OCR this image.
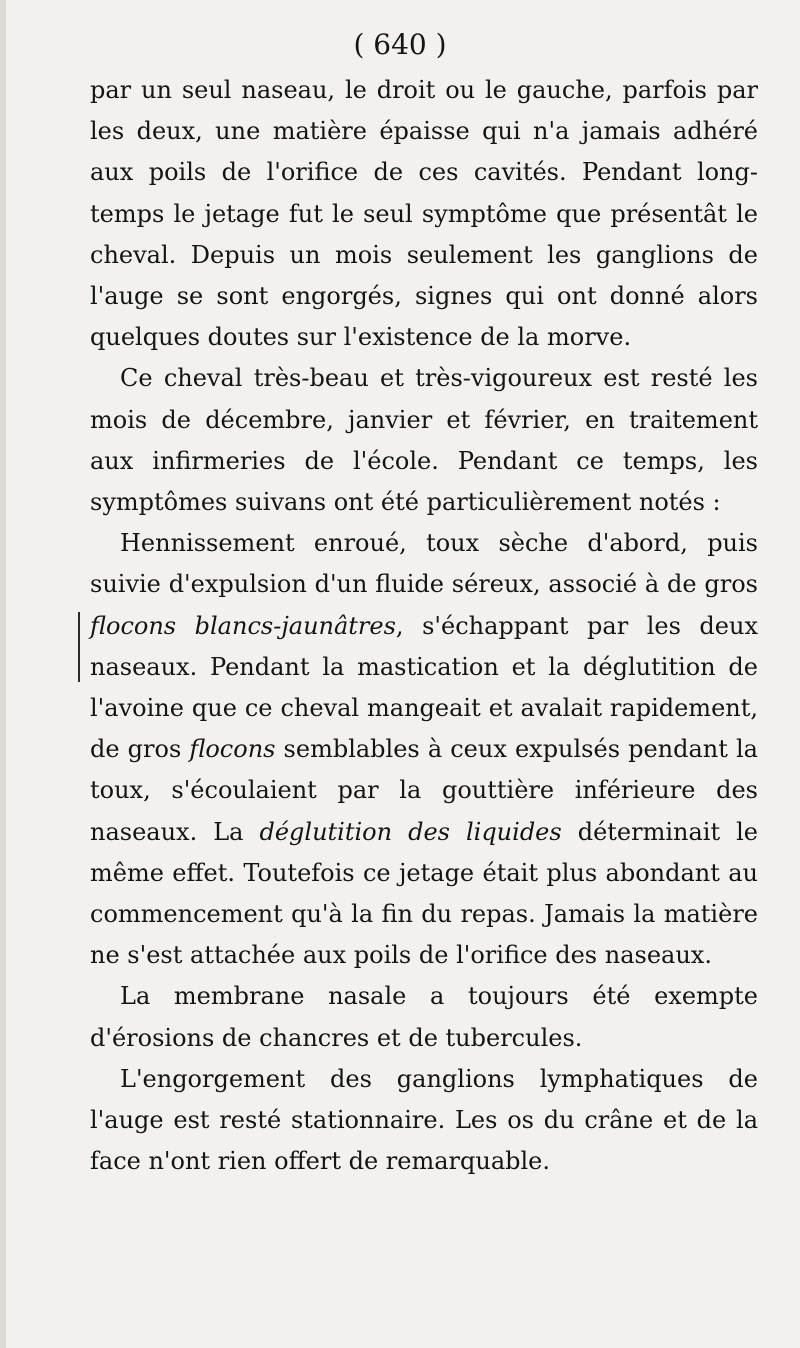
( 640 )

par un seul naseau, le droit ou le gauche, parfois par les deux, une matière épaisse qui n'a jamais adhéré aux poils de l'orifice de ces cavités. Pendant long-temps le jetage fut le seul symptôme que présentât le cheval. Depuis un mois seulement les ganglions de l'auge se sont engorgés, signes qui ont donné alors quelques doutes sur l'existence de la morve.

Ce cheval très-beau et très-vigoureux est resté les mois de décembre, janvier et février, en traitement aux infirmeries de l'école. Pendant ce temps, les symptômes suivans ont été particulièrement notés :

Hennissement enroué, toux sèche d'abord, puis suivie d'expulsion d'un fluide séreux, associé à de gros flocons blancs-jaunâtres, s'échappant par les deux naseaux. Pendant la mastication et la déglutition de l'avoine que ce cheval mangeait et avalait rapidement, de gros flocons semblables à ceux expulsés pendant la toux, s'écoulaient par la gouttière inférieure des naseaux. La déglutition des liquides déterminait le même effet. Toutefois ce jetage était plus abondant au commencement qu'à la fin du repas. Jamais la matière ne s'est attachée aux poils de l'orifice des naseaux.

La membrane nasale a toujours été exempte d'érosions de chancres et de tubercules.

L'engorgement des ganglions lymphatiques de l'auge est resté stationnaire. Les os du crâne et de la face n'ont rien offert de remarquable.
